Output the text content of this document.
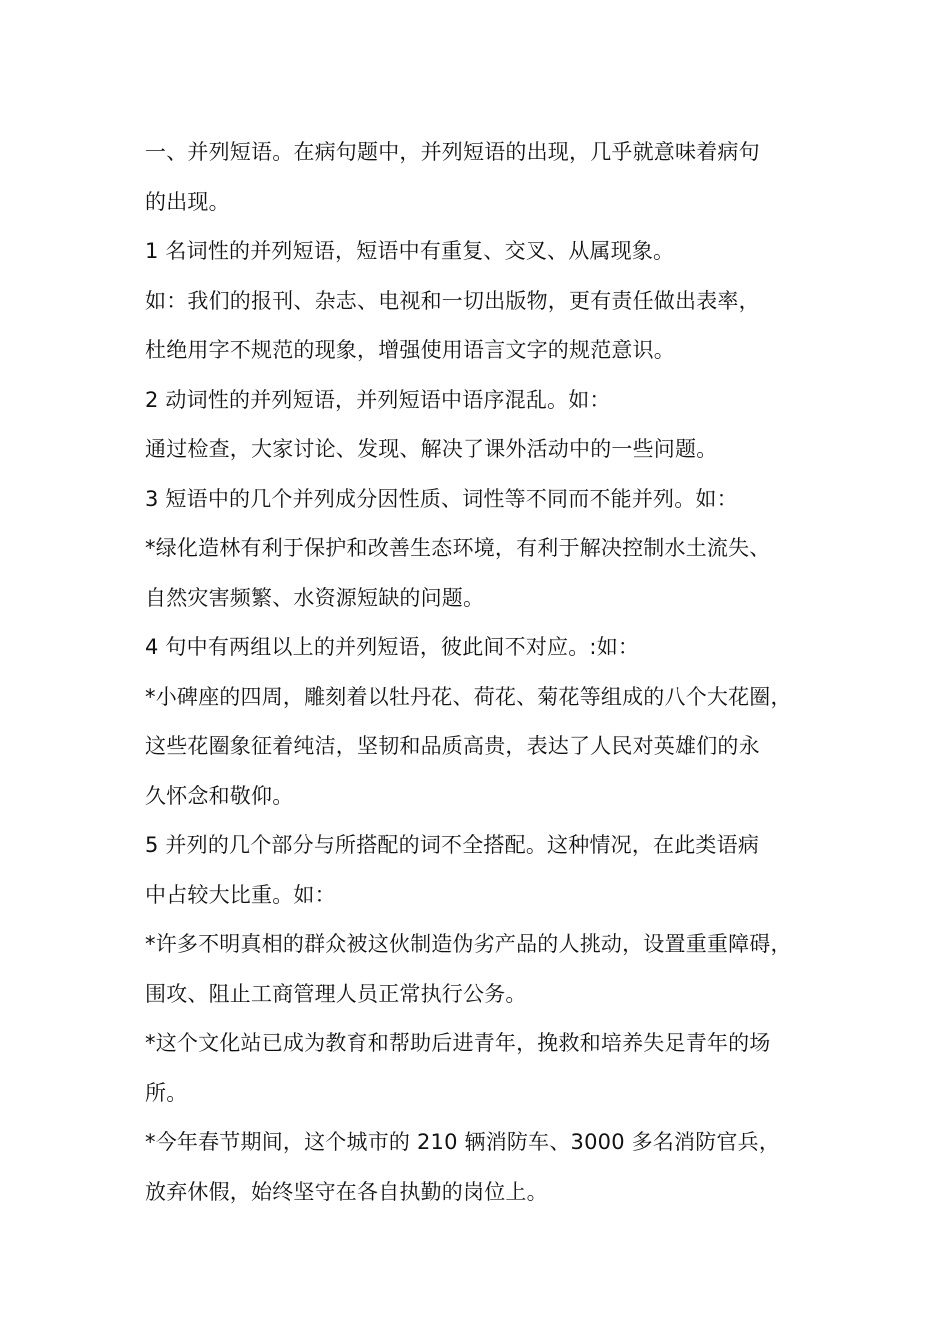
一、并列短语。在病句题中，并列短语的出现，几乎就意味着病句

的出现。

1 名词性的并列短语，短语中有重复、交叉、从属现象。

如：我们的报刊、杂志、电视和一切出版物，更有责任做出表率，

杜绝用字不规范的现象，增强使用语言文字的规范意识。

2 动词性的并列短语，并列短语中语序混乱。如：

通过检查，大家讨论、发现、解决了课外活动中的一些问题。

3 短语中的几个并列成分因性质、词性等不同而不能并列。如：

*绿化造林有利于保护和改善生态环境，有利于解决控制水土流失、

自然灾害频繁、水资源短缺的问题。

4 句中有两组以上的并列短语，彼此间不对应。:如：

*小碑座的四周，雕刻着以牡丹花、荷花、菊花等组成的八个大花圈，

这些花圈象征着纯洁，坚韧和品质高贵，表达了人民对英雄们的永

久怀念和敬仰。

5 并列的几个部分与所搭配的词不全搭配。这种情况，在此类语病

中占较大比重。如：

*许多不明真相的群众被这伙制造伪劣产品的人挑动，设置重重障碍，

围攻、阻止工商管理人员正常执行公务。

*这个文化站已成为教育和帮助后进青年，挽救和培养失足青年的场

所。

*今年春节期间，这个城市的 210 辆消防车、3000 多名消防官兵，

放弃休假，始终坚守在各自执勤的岗位上。
